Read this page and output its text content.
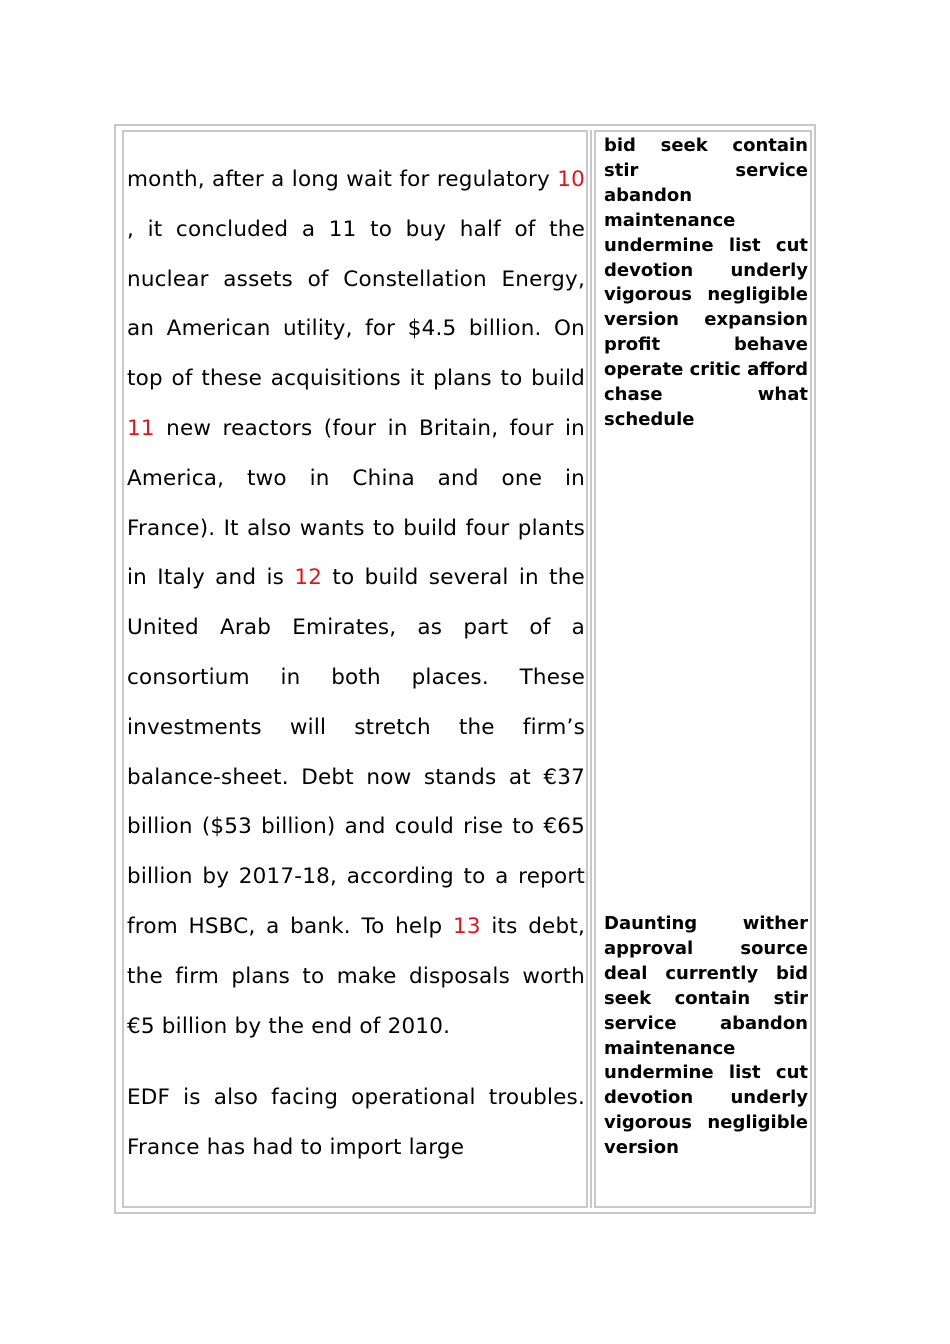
month, after a long wait for regulatory 10 , it concluded a 11 to buy half of the nuclear assets of Constellation Energy, an American utility, for $4.5 billion. On top of these acquisitions it plans to build 11 new reactors (four in Britain, four in America, two in China and one in France). It also wants to build four plants in Italy and is 12 to build several in the United Arab Emirates, as part of a consortium in both places. These investments will stretch the firm’s balance-sheet. Debt now stands at €37 billion ($53 billion) and could rise to €65 billion by 2017-18, according to a report from HSBC, a bank. To help 13 its debt, the firm plans to make disposals worth €5 billion by the end of 2010.

EDF is also facing operational troubles. France has had to import large

bid seek contain stir service abandon maintenance undermine list cut devotion underly vigorous negligible version expansion profit behave operate critic afford chase what schedule
Daunting wither approval source deal currently bid seek contain stir service abandon maintenance undermine list cut devotion underly vigorous negligible version
